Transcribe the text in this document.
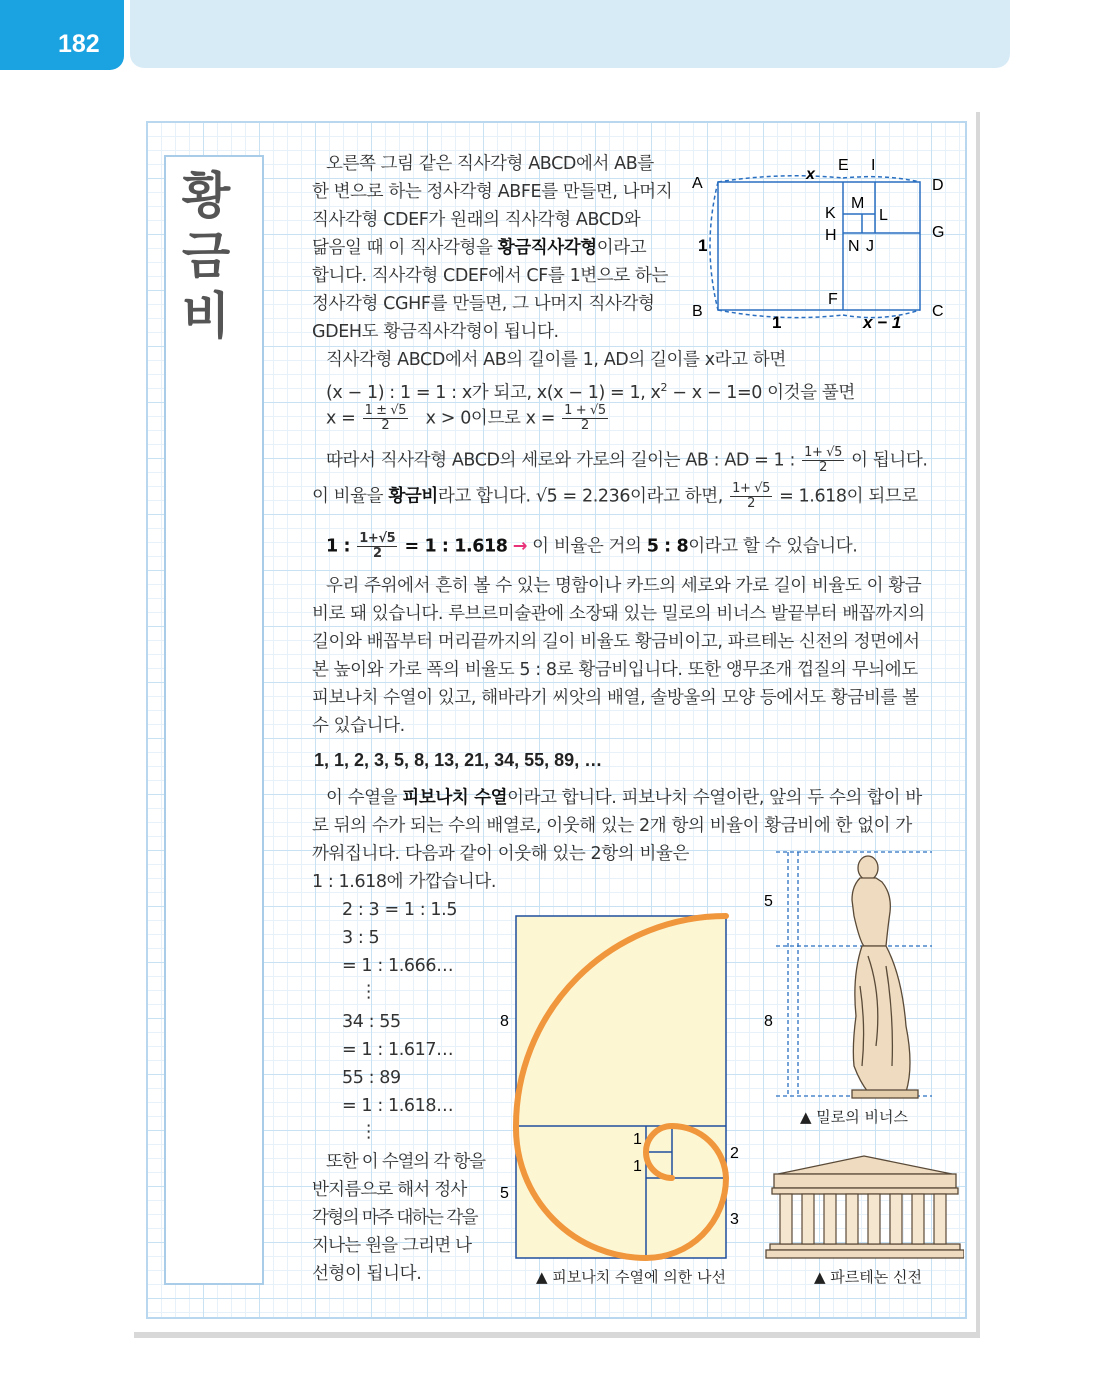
182
황
금
비
오른쪽 그림 같은 직사각형 ABCD에서 AB를
한 변으로 하는 정사각형 ABFE를 만들면, 나머지
직사각형 CDEF가 원래의 직사각형 ABCD와
닮음일 때 이 직사각형을 황금직사각형이라고
합니다. 직사각형 CDEF에서 CF를 1변으로 하는
정사각형 CGHF를 만들면, 그 나머지 직사각형
GDEH도 황금직사각형이 됩니다.
A
B	C
D
E
F
G
H
I
J
K	L
M
N
x
1
1	x − 1
직사각형 ABCD에서 AB의 길이를 1, AD의 길이를 x라고 하면
(x − 1) : 1 = 1 : x가 되고, x(x − 1) = 1, $x^2 - x - 1=0$ 이것을 풀면
$x = \frac{1 \pm √5}{2}$ x > 0이므로 $x = \frac{1 + √5}{2}$
따라서 직사각형 ABCD의 세로와 가로의 길이는 AB : AD = 1 : $\frac{1+ √5}{2}$ 이 됩니다.
이 비율을 황금비라고 합니다. √5 = 2.236이라고 하면, $\frac{1+ √5}{2} = 1.618$이 되므로
1 : $\frac{1+√5}{2} = 1$ : 1.618 → 이 비율은 거의 5 : 8이라고 할 수 있습니다.
우리 주위에서 흔히 볼 수 있는 명함이나 카드의 세로와 가로 길이 비율도 이 황금
비로 돼 있습니다. 루브르미술관에 소장돼 있는 밀로의 비너스 발끝부터 배꼽까지의
길이와 배꼽부터 머리끝까지의 길이 비율도 황금비이고, 파르테논 신전의 정면에서
본 높이와 가로 폭의 비율도 5 : 8로 황금비입니다. 또한 앵무조개 껍질의 무늬에도
피보나치 수열이 있고, 해바라기 씨앗의 배열, 솔방울의 모양 등에서도 황금비를 볼
수 있습니다.
1, 1, 2, 3, 5, 8, 13, 21, 34, 55, 89, …
이 수열을 피보나치 수열이라고 합니다. 피보나치 수열이란, 앞의 두 수의 합이 바
로 뒤의 수가 되는 수의 배열로, 이웃해 있는 2개 항의 비율이 황금비에 한 없이 가
까워집니다. 다음과 같이 이웃해 있는 2항의 비율은
1 : 1.618에 가깝습니다.
2 : 3 = 1 : 1.5
3 : 5
= 1 : 1.666…
⋮
34 : 55
= 1 : 1.617…
55 : 89
= 1 : 1.618…
⋮
또한 이 수열의 각 항을
반지름으로 해서 정사
각형의 마주 대하는 각을
지나는 원을 그리면 나
선형이 됩니다.
8
5
1
1
2
3
▲ 피보나치 수열에 의한 나선
5
8
▲ 밀로의 비너스
▲ 파르테논 신전
